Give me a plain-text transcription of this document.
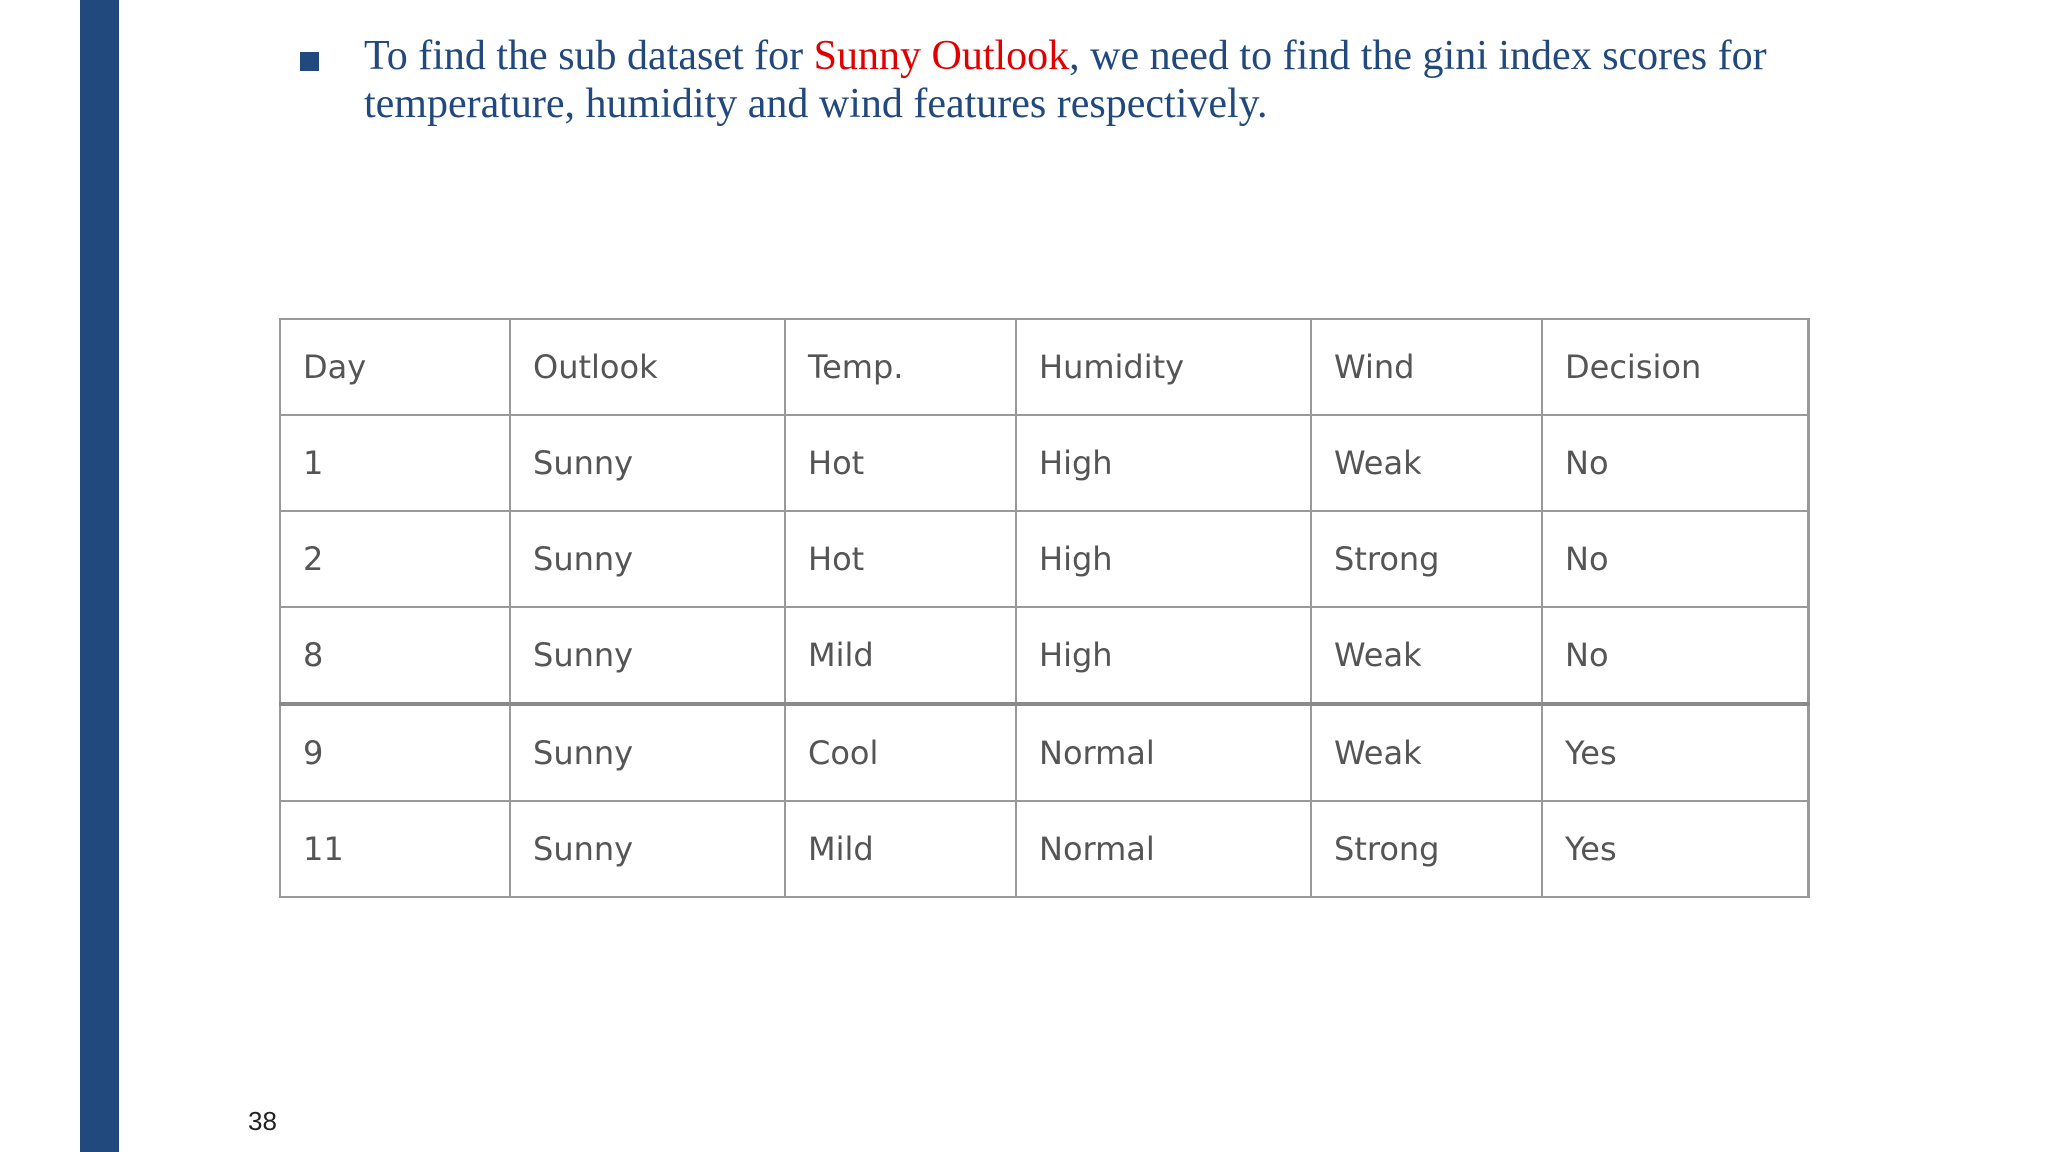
To find the sub dataset for Sunny Outlook, we need to find the gini index scores for temperature, humidity and wind features respectively.
Day	Outlook	Temp.	Humidity	Wind	Decision
1	Sunny	Hot	High	Weak	No
2	Sunny	Hot	High	Strong	No
8	Sunny	Mild	High	Weak	No
9	Sunny	Cool	Normal	Weak	Yes
11	Sunny	Mild	Normal	Strong	Yes
38
